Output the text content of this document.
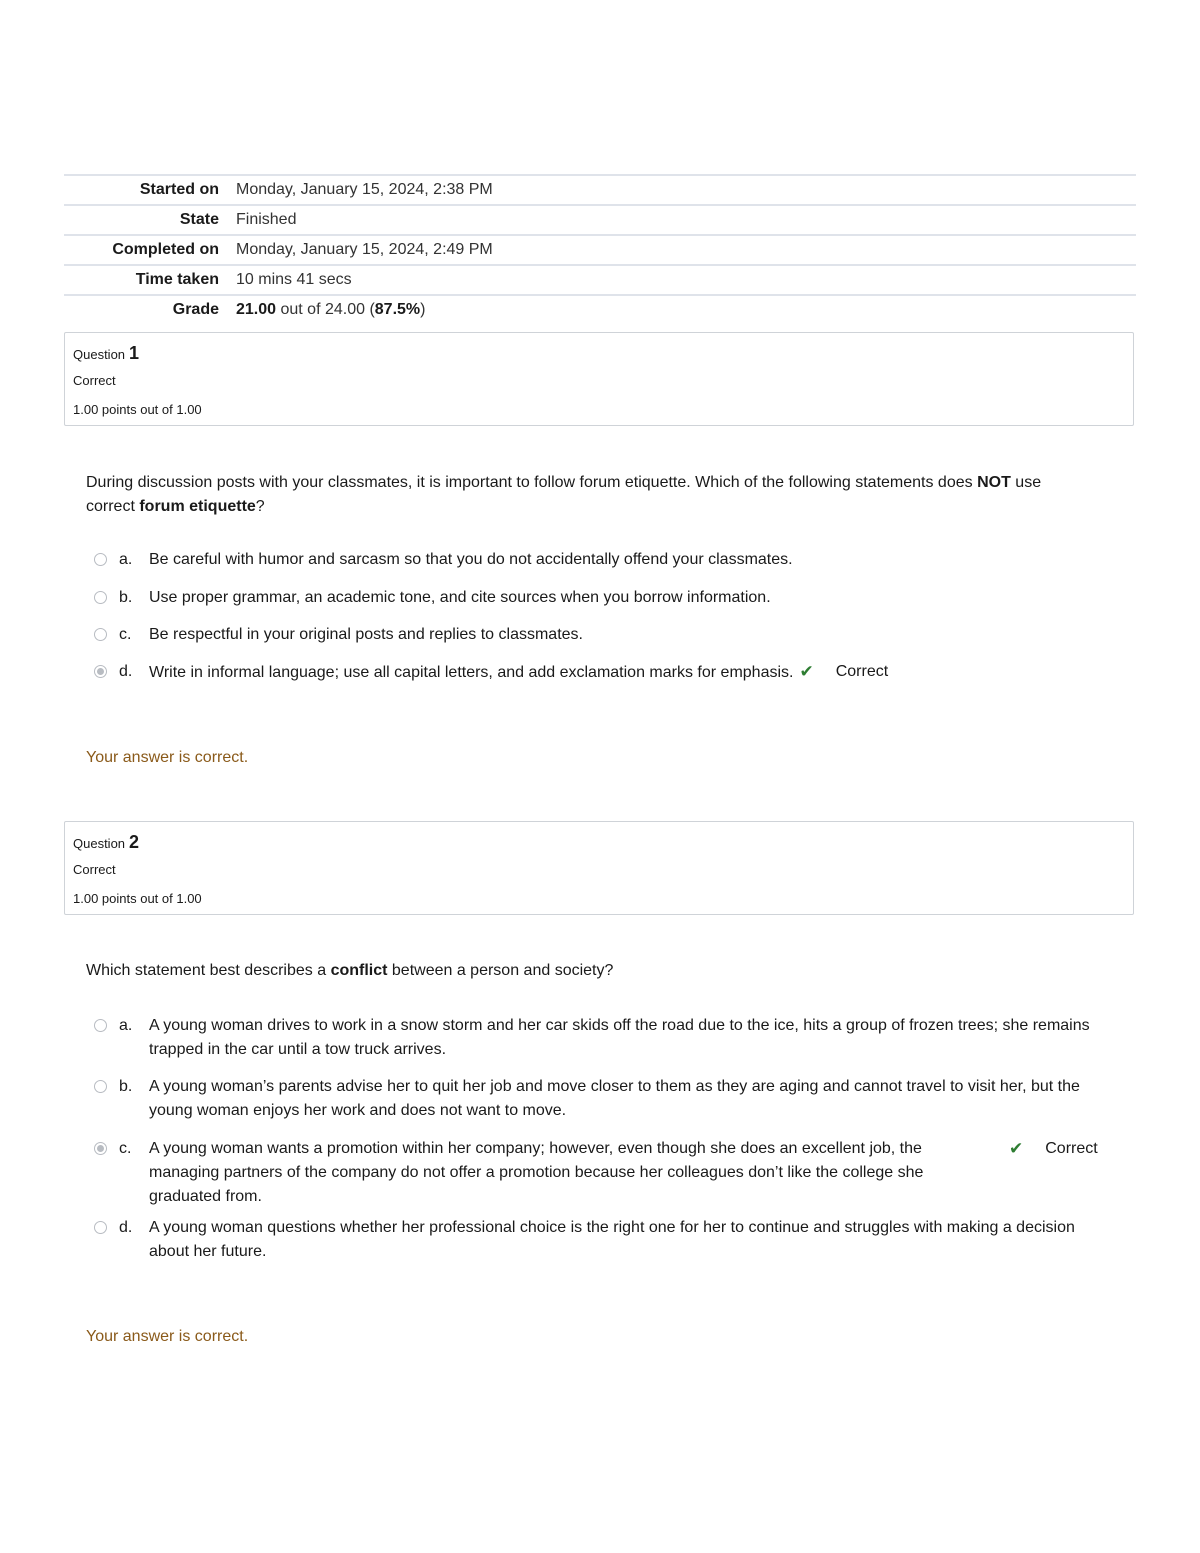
Started on	Monday, January 15, 2024, 2:38 PM
State	Finished
Completed on	Monday, January 15, 2024, 2:49 PM
Time taken	10 mins 41 secs
Grade	21.00 out of 24.00 (87.5%)
Question 1
Correct
1.00 points out of 1.00
During discussion posts with your classmates, it is important to follow forum etiquette. Which of the following statements does NOT use correct forum etiquette?
a.	Be careful with humor and sarcasm so that you do not accidentally offend your classmates.
b.	Use proper grammar, an academic tone, and cite sources when you borrow information.
c.	Be respectful in your original posts and replies to classmates.
d.	Write in informal language; use all capital letters, and add exclamation marks for emphasis. ✔ Correct
Your answer is correct.
Question 2
Correct
1.00 points out of 1.00
Which statement best describes a conflict between a person and society?
a.	A young woman drives to work in a snow storm and her car skids off the road due to the ice, hits a group of frozen trees; she remains trapped in the car until a tow truck arrives.
b.	A young woman’s parents advise her to quit her job and move closer to them as they are aging and cannot travel to visit her, but the young woman enjoys her work and does not want to move.
c.	A young woman wants a promotion within her company; however, even though she does an excellent job, the managing partners of the company do not offer a promotion because her colleagues don’t like the college she graduated from.
✔ Correct
d.	A young woman questions whether her professional choice is the right one for her to continue and struggles with making a decision about her future.
Your answer is correct.
